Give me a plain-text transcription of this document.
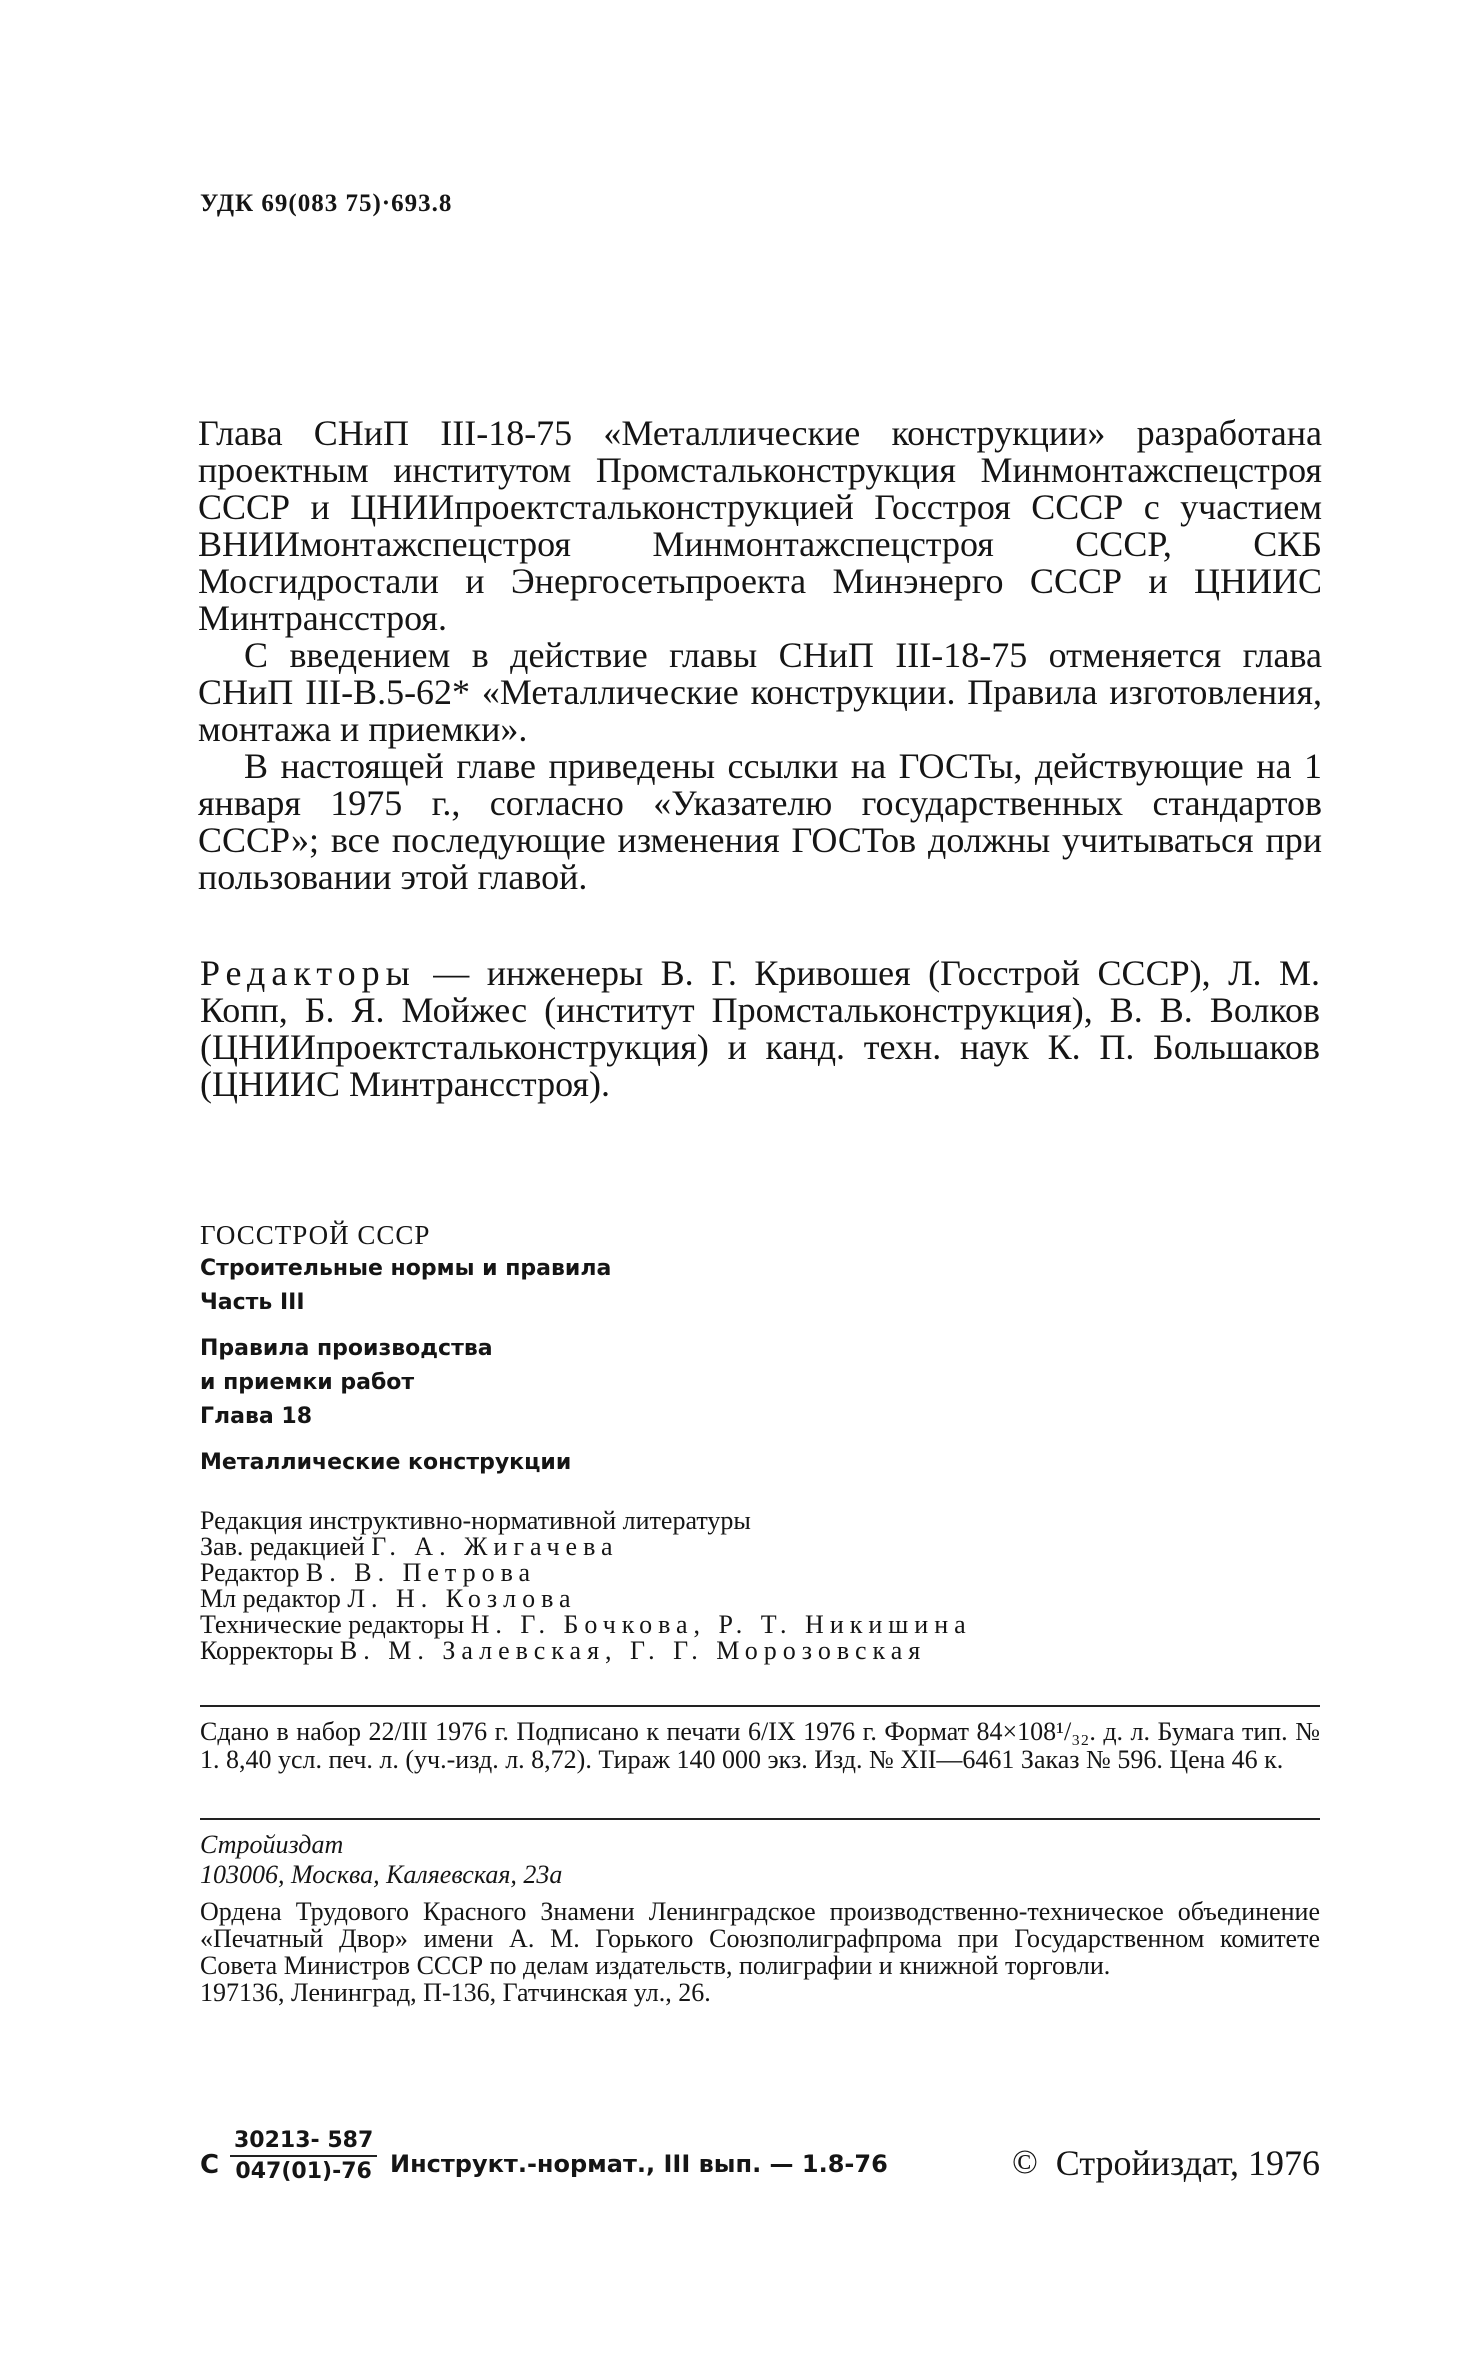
УДК 69(083 75)·693.8

Глава СНиП III-18-75 «Металлические конструкции» разработана проектным институтом Промстальконструкция Минмонтажспецстроя СССР и ЦНИИпроектстальконструкцией Госстроя СССР с участием ВНИИмонтажспецстроя Минмонтажспецстроя СССР, СКБ Мосгидростали и Энергосетьпроекта Минэнерго СССР и ЦНИИС Минтрансстроя.

С введением в действие главы СНиП III-18-75 отменяется глава СНиП III-В.5-62* «Металлические конструкции. Правила изготовления, монтажа и приемки».

В настоящей главе приведены ссылки на ГОСТы, действующие на 1 января 1975 г., согласно «Указателю государственных стандартов СССР»; все последующие изменения ГОСТов должны учитываться при пользовании этой главой.

Редакторы — инженеры В. Г. Кривошея (Госстрой СССР), Л. М. Копп, Б. Я. Мойжес (институт Промстальконструкция), В. В. Волков (ЦНИИпроектстальконструкция) и канд. техн. наук К. П. Большаков (ЦНИИС Минтрансстроя).
ГОССТРОЙ СССР
Строительные нормы и правила
Часть III
Правила производства
и приемки работ
Глава 18
Металлические конструкции
Редакция инструктивно-нормативной литературы
Зав. редакцией Г. А. Жигачева
Редактор В. В. Петрова
Мл редактор Л. Н. Козлова
Технические редакторы Н. Г. Бочкова, Р. Т. Никишина
Корректоры В. М. Залевская, Г. Г. Морозовская
Сдано в набор 22/III 1976 г. Подписано к печати 6/IX 1976 г. Формат 84×108¹/₃₂. д. л. Бумага тип. № 1. 8,40 усл. печ. л. (уч.-изд. л. 8,72). Тираж 140 000 экз. Изд. № XII—6461 Заказ № 596. Цена 46 к.
Стройиздат
103006, Москва, Каляевская, 23а
Ордена Трудового Красного Знамени Ленинградское производственно-техническое объединение «Печатный Двор» имени А. М. Горького Союзполиграфпрома при Государственном комитете Совета Министров СССР по делам издательств, полиграфии и книжной торговли.
197136, Ленинград, П-136, Гатчинская ул., 26.
С $\frac{30213- 587}{047(01)-76}$ Инструкт.-нормат., III вып. — 1.8-76	© Стройиздат, 1976
